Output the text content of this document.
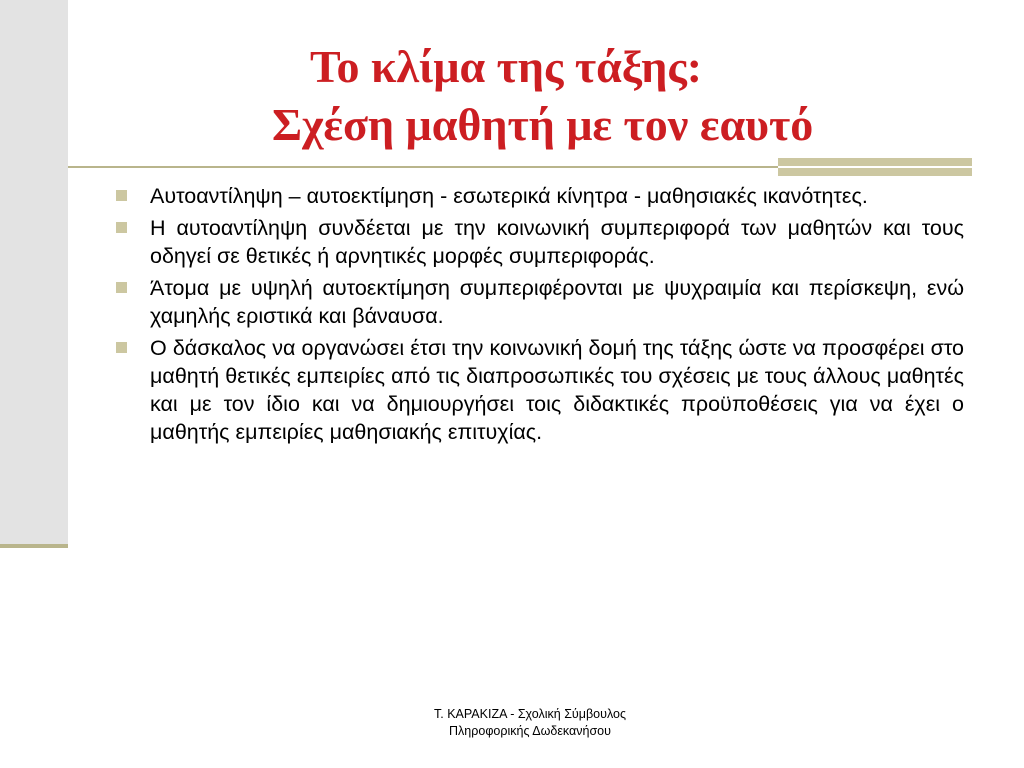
Το κλίμα της τάξης:
Σχέση μαθητή με τον εαυτό
Αυτοαντίληψη – αυτοεκτίμηση - εσωτερικά κίνητρα - μαθησιακές ικανότητες.
Η αυτοαντίληψη συνδέεται με την κοινωνική συμπεριφορά των μαθητών και τους οδηγεί σε θετικές ή αρνητικές μορφές συμπεριφοράς.
Άτομα με υψηλή αυτοεκτίμηση συμπεριφέρονται με ψυχραιμία και περίσκεψη, ενώ χαμηλής εριστικά και βάναυσα.
Ο δάσκαλος να οργανώσει έτσι την κοινωνική δομή της τάξης ώστε να προσφέρει στο μαθητή θετικές εμπειρίες από τις διαπροσωπικές του σχέσεις με τους άλλους μαθητές και με τον ίδιο και να δημιουργήσει τοις διδακτικές προϋποθέσεις για να έχει ο μαθητής εμπειρίες μαθησιακής επιτυχίας.
Τ. ΚΑΡΑΚΙΖΑ - Σχολική Σύμβουλος
Πληροφορικής Δωδεκανήσου
